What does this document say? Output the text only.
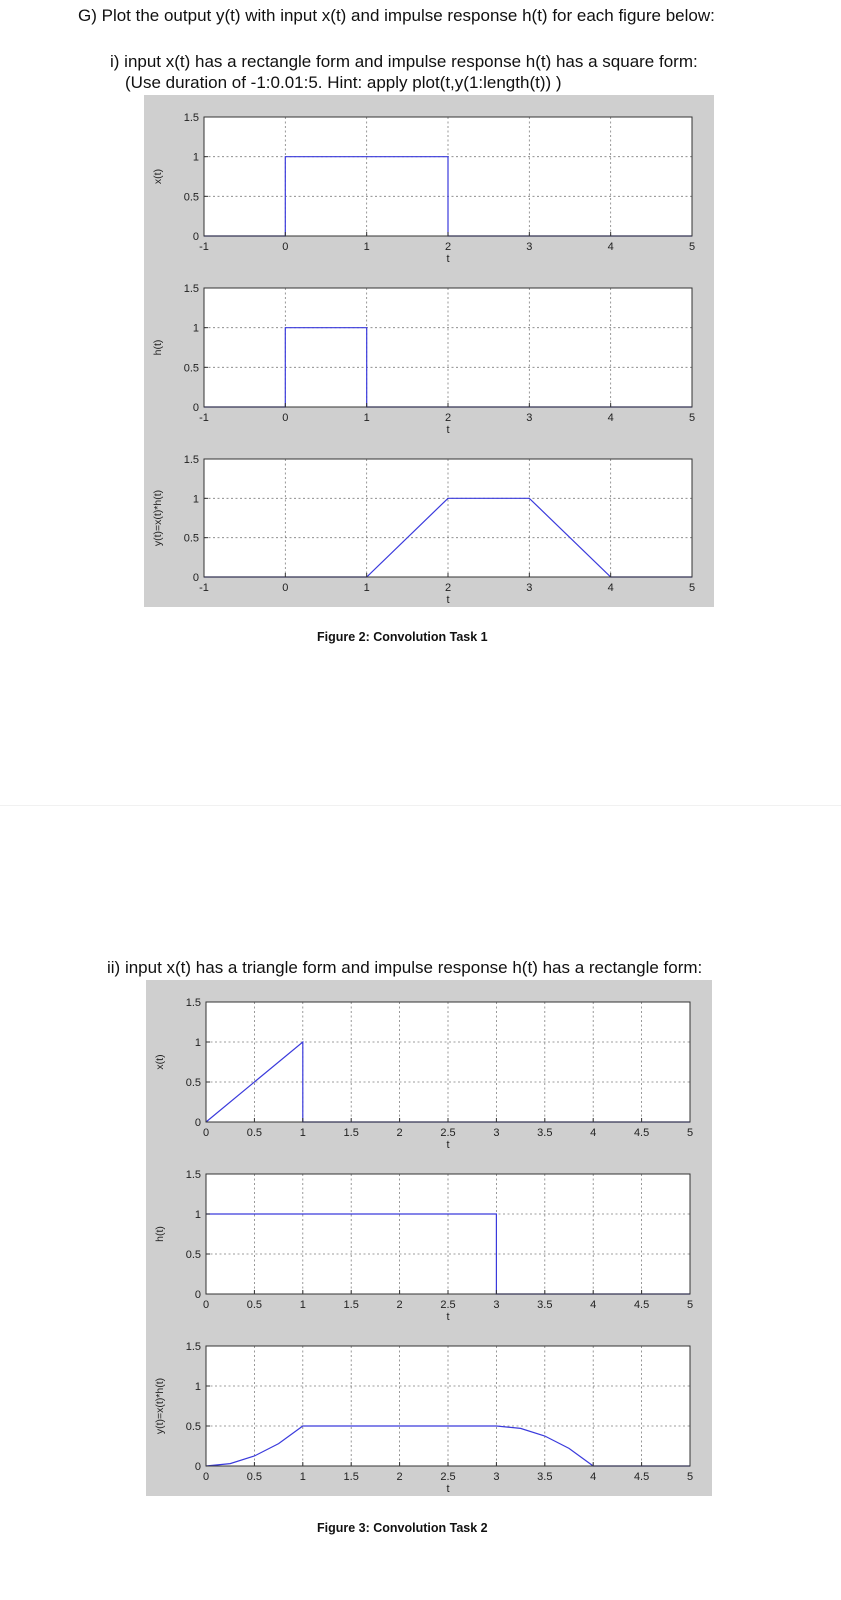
G) Plot the output y(t) with input x(t) and impulse response h(t) for each figure below:
i) input x(t) has a rectangle form and impulse response h(t) has a square form:
(Use duration of -1:0.01:5. Hint: apply plot(t,y(1:length(t)) )
-1	0	1	2	3	4	5
0
0.5
1
1.5
t
x(t)
-1	0	1	2	3	4	5
0
0.5
1
1.5
t
h(t)
-1	0	1	2	3	4	5
0
0.5
1
1.5
t
y(t)=x(t)*h(t)
Figure 2: Convolution Task 1
ii) input x(t) has a triangle form and impulse response h(t) has a rectangle form:
0	0.5	1	1.5	2	2.5	3	3.5	4	4.5	5
0
0.5
1
1.5
t
x(t)
0	0.5	1	1.5	2	2.5	3	3.5	4	4.5	5
0
0.5
1
1.5
t
h(t)
0	0.5	1	1.5	2	2.5	3	3.5	4	4.5	5
0
0.5
1
1.5
t
y(t)=x(t)*h(t)
Figure 3: Convolution Task 2
